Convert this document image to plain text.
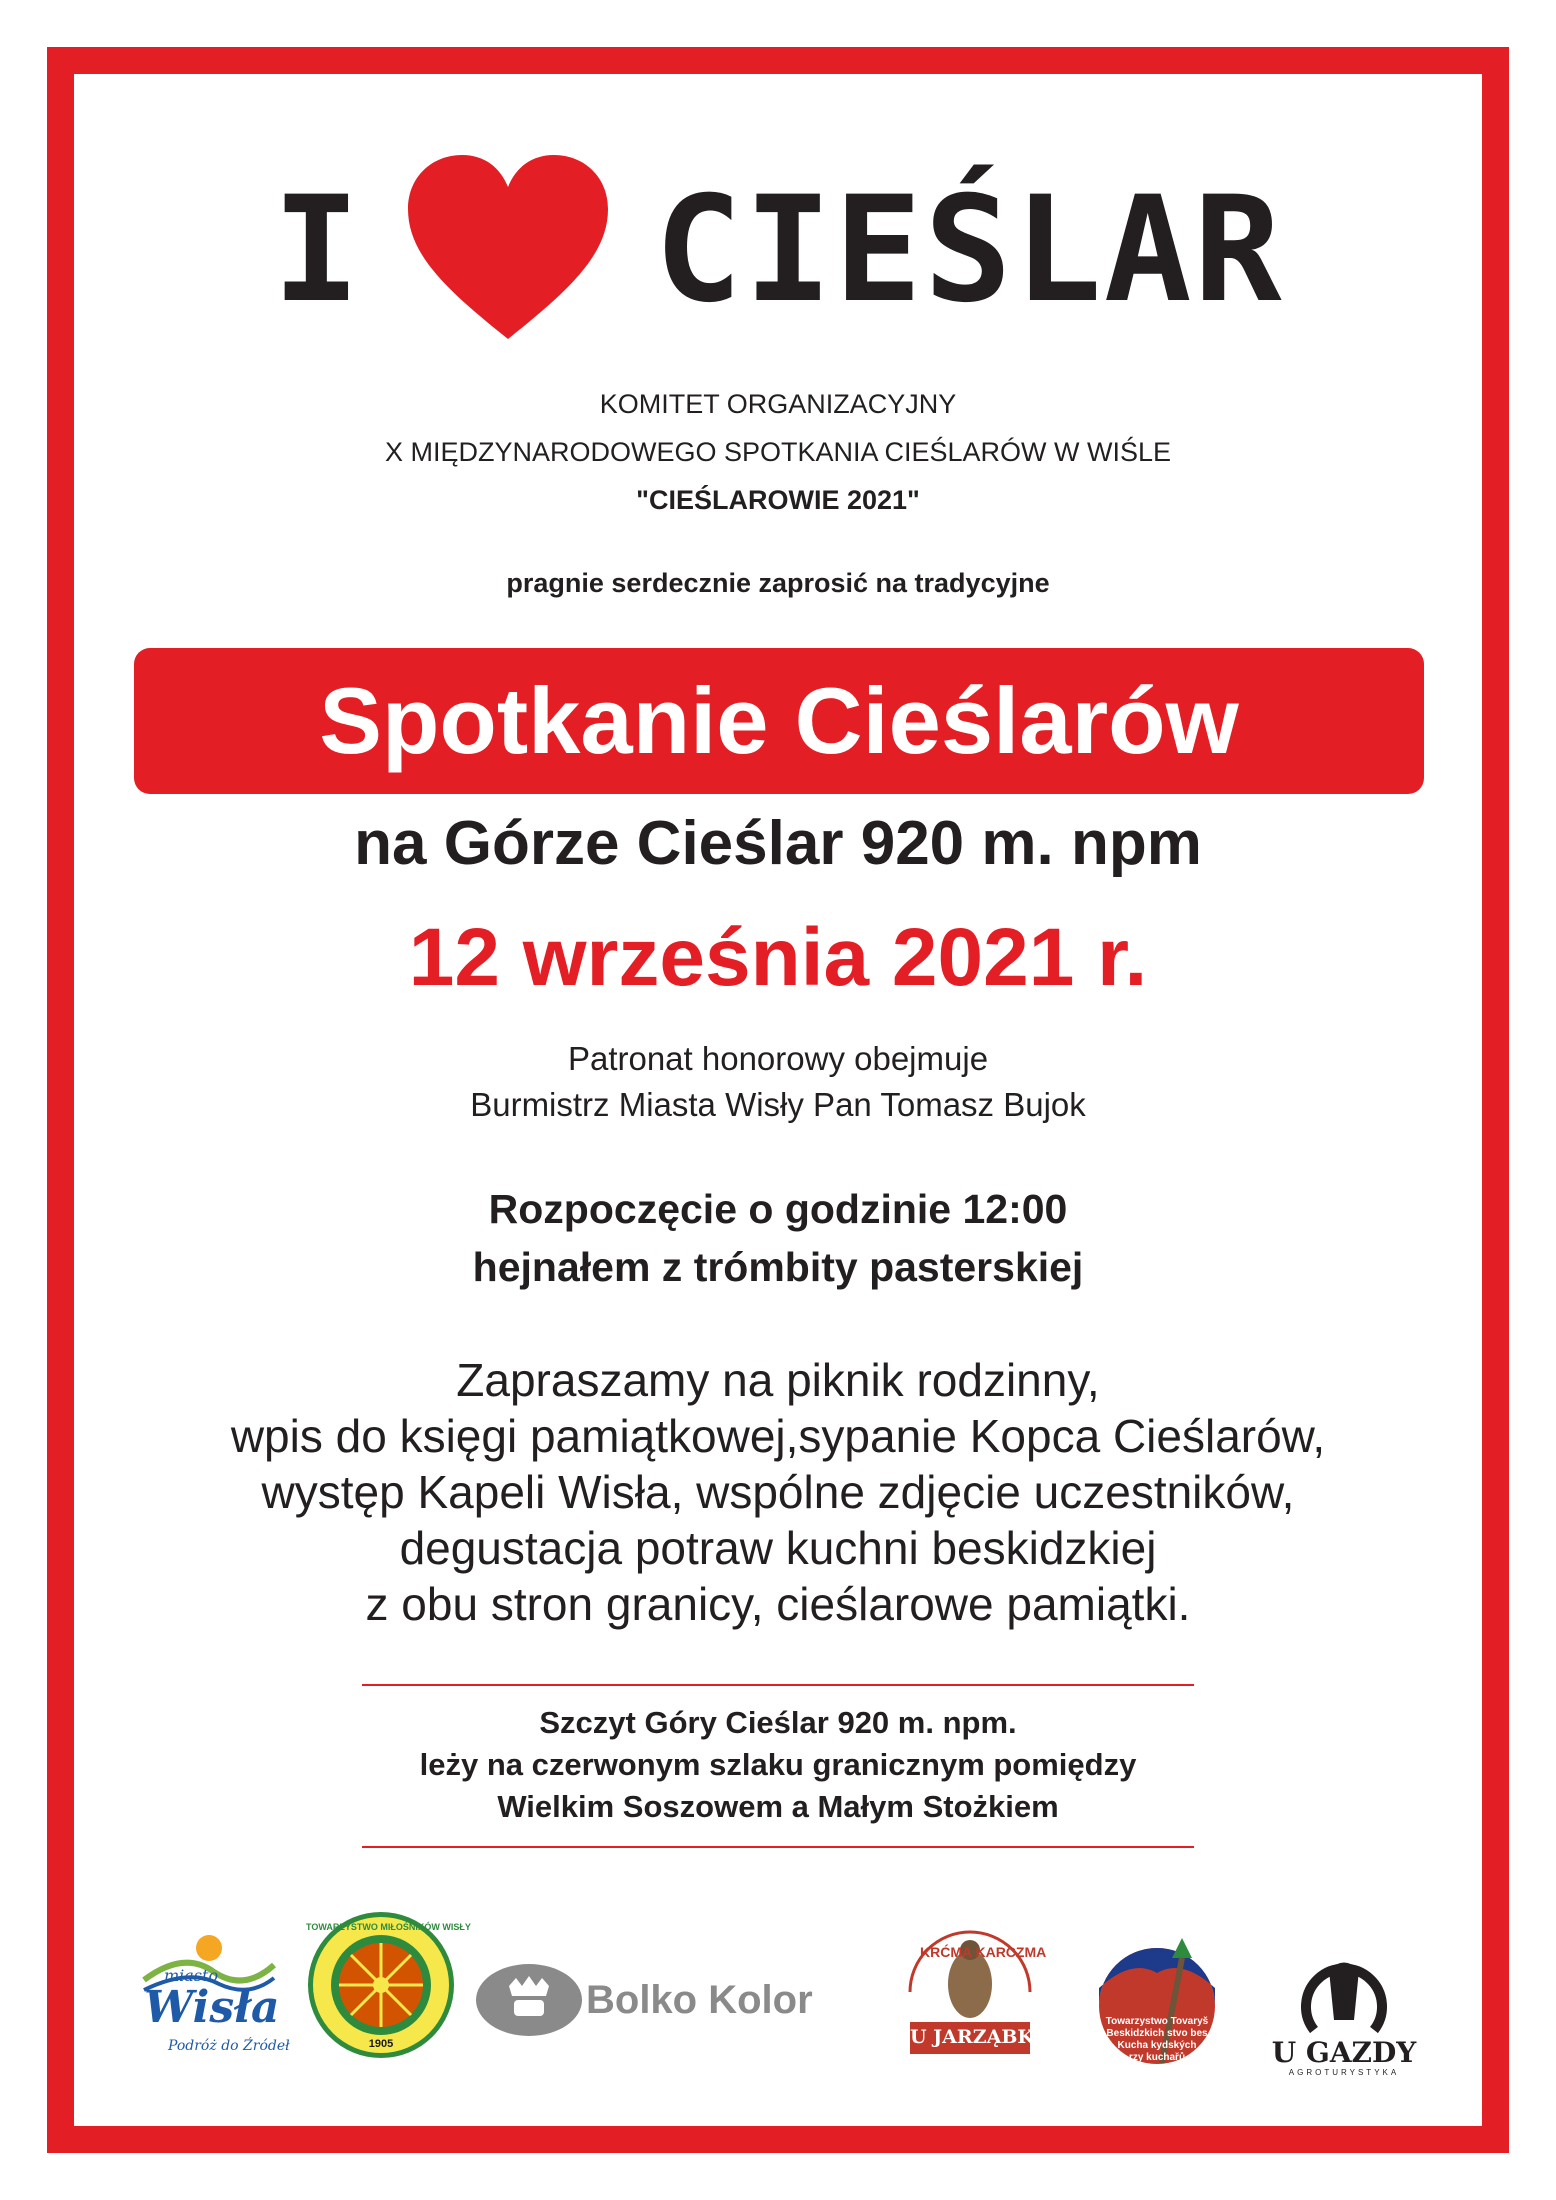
I CIEŚLAR
KOMITET ORGANIZACYJNY
X MIĘDZYNARODOWEGO SPOTKANIA CIEŚLARÓW W WIŚLE
"CIEŚLAROWIE 2021"
pragnie serdecznie zaprosić na tradycyjne
Spotkanie Cieślarów
na Górze Cieślar 920 m. npm
12 września 2021 r.
Patronat honorowy obejmuje
Burmistrz Miasta Wisły Pan Tomasz Bujok
Rozpoczęcie o godzinie 12:00
hejnałem z trómbity pasterskiej
Zapraszamy na piknik rodzinny,
wpis do księgi pamiątkowej,sypanie Kopca Cieślarów,
występ Kapeli Wisła, wspólne zdjęcie uczestników,
degustacja potraw kuchni beskidzkiej
z obu stron granicy, cieślarowe pamiątki.
Szczyt Góry Cieślar 920 m. npm.
leży na czerwonym szlaku granicznym pomiędzy
Wielkim Soszowem a Małym Stożkiem
miasto
Wisła
Podróż do Źródeł
TOWARZYSTWO MIŁOŚNIKÓW WISŁY
1905
Bolko Kolor
KRĆMA KARCZMA
U JARZĄBKA
Towarzystwo Tovaryš
Beskidzkich stvo bes
Kucha kydských
rzy kuchařů	U GAZDY
AGROTURYSTYKA
